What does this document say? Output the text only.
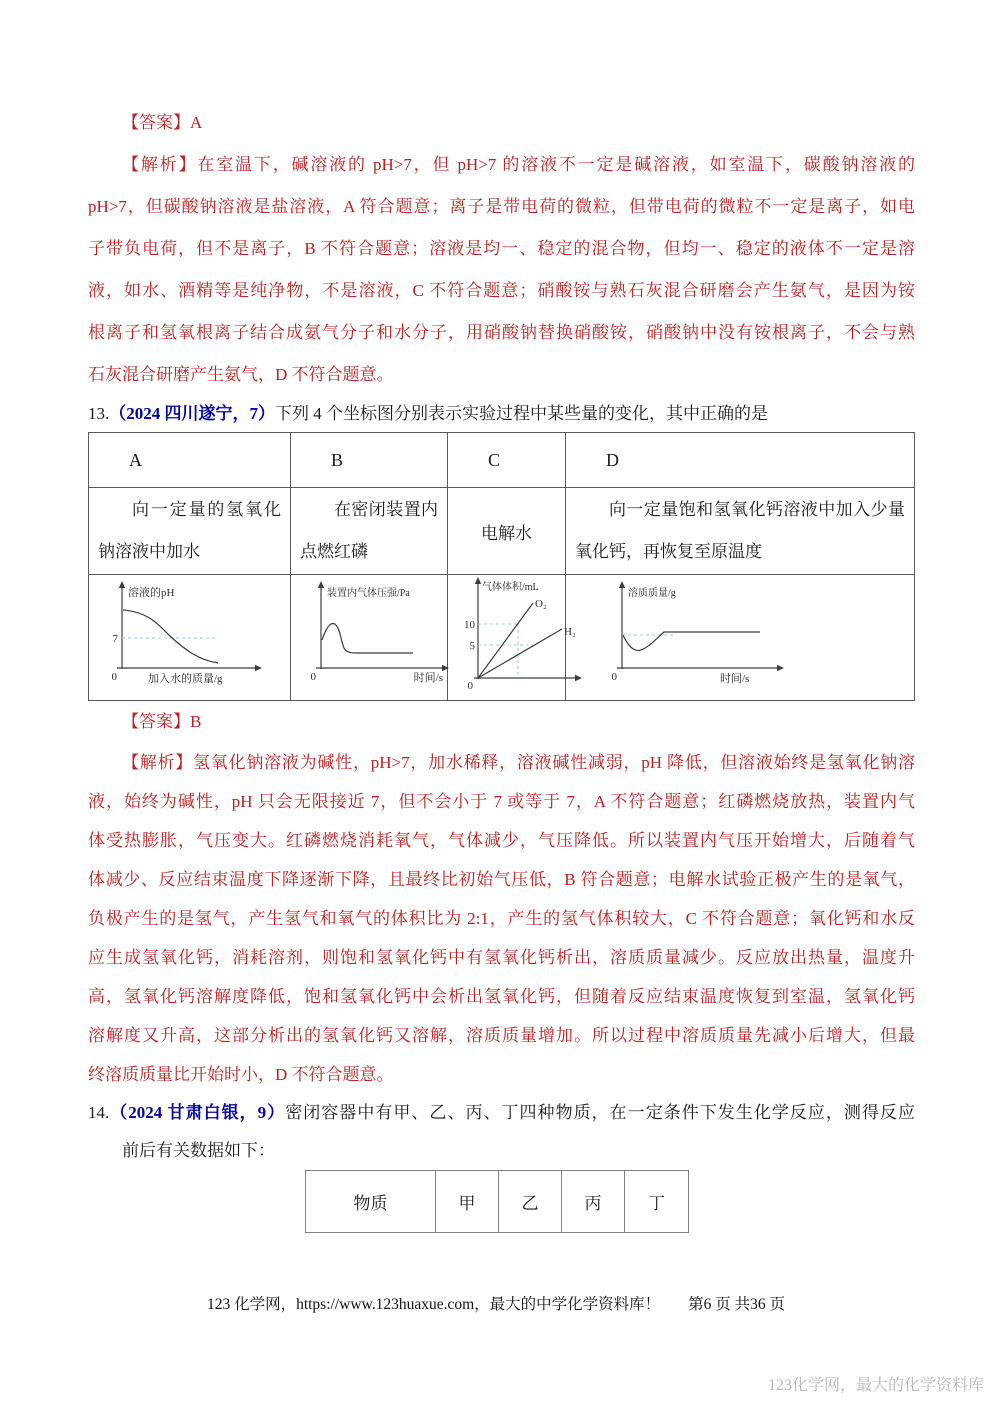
【答案】A
【解析】在室温下，碱溶液的 pH>7，但 pH>7 的溶液不一定是碱溶液，如室温下，碳酸钠溶液的
pH>7，但碳酸钠溶液是盐溶液，A 符合题意；离子是带电荷的微粒，但带电荷的微粒不一定是离子，如电
子带负电荷，但不是离子，B 不符合题意；溶液是均一、稳定的混合物，但均一、稳定的液体不一定是溶
液，如水、酒精等是纯净物，不是溶液，C 不符合题意；硝酸铵与熟石灰混合研磨会产生氨气，是因为铵
根离子和氢氧根离子结合成氨气分子和水分子，用硝酸钠替换硝酸铵，硝酸钠中没有铵根离子，不会与熟
石灰混合研磨产生氨气，D 不符合题意。
13.（2024 四川遂宁，7）下列 4 个坐标图分别表示实验过程中某些量的变化，其中正确的是
A	B	C	D

向一定量的氢氧化钠溶液中加水	在密闭装置内点燃红磷	电解水	向一定量饱和氢氧化钙溶液中加入少量氧化钙，再恢复至原温度

溶液的pH
7
0	加入水的质量/g

装置内气体压强/Pa
0	时间/s

气体体积/mL
10
5
O₂
H₂
0

溶质质量/g
0	时间/s
【答案】B
【解析】氢氧化钠溶液为碱性，pH>7，加水稀释，溶液碱性减弱，pH 降低，但溶液始终是氢氧化钠溶
液，始终为碱性，pH 只会无限接近 7，但不会小于 7 或等于 7，A 不符合题意；红磷燃烧放热，装置内气
体受热膨胀，气压变大。红磷燃烧消耗氧气，气体减少，气压降低。所以装置内气压开始增大，后随着气
体减少、反应结束温度下降逐渐下降，且最终比初始气压低，B 符合题意；电解水试验正极产生的是氧气，
负极产生的是氢气，产生氢气和氧气的体积比为 2:1，产生的氢气体积较大，C 不符合题意；氧化钙和水反
应生成氢氧化钙，消耗溶剂，则饱和氢氧化钙中有氢氧化钙析出，溶质质量减少。反应放出热量，温度升
高，氢氧化钙溶解度降低，饱和氢氧化钙中会析出氢氧化钙，但随着反应结束温度恢复到室温，氢氧化钙
溶解度又升高，这部分析出的氢氧化钙又溶解，溶质质量增加。所以过程中溶质质量先减小后增大，但最
终溶质质量比开始时小，D 不符合题意。
14.（2024 甘肃白银，9）密闭容器中有甲、乙、丙、丁四种物质，在一定条件下发生化学反应，测得反应
前后有关数据如下：
物质	甲	乙	丙	丁
123 化学网，https://www.123huaxue.com，最大的中学化学资料库！ 第6 页 共36 页
123化学网，最大的化学资料库
